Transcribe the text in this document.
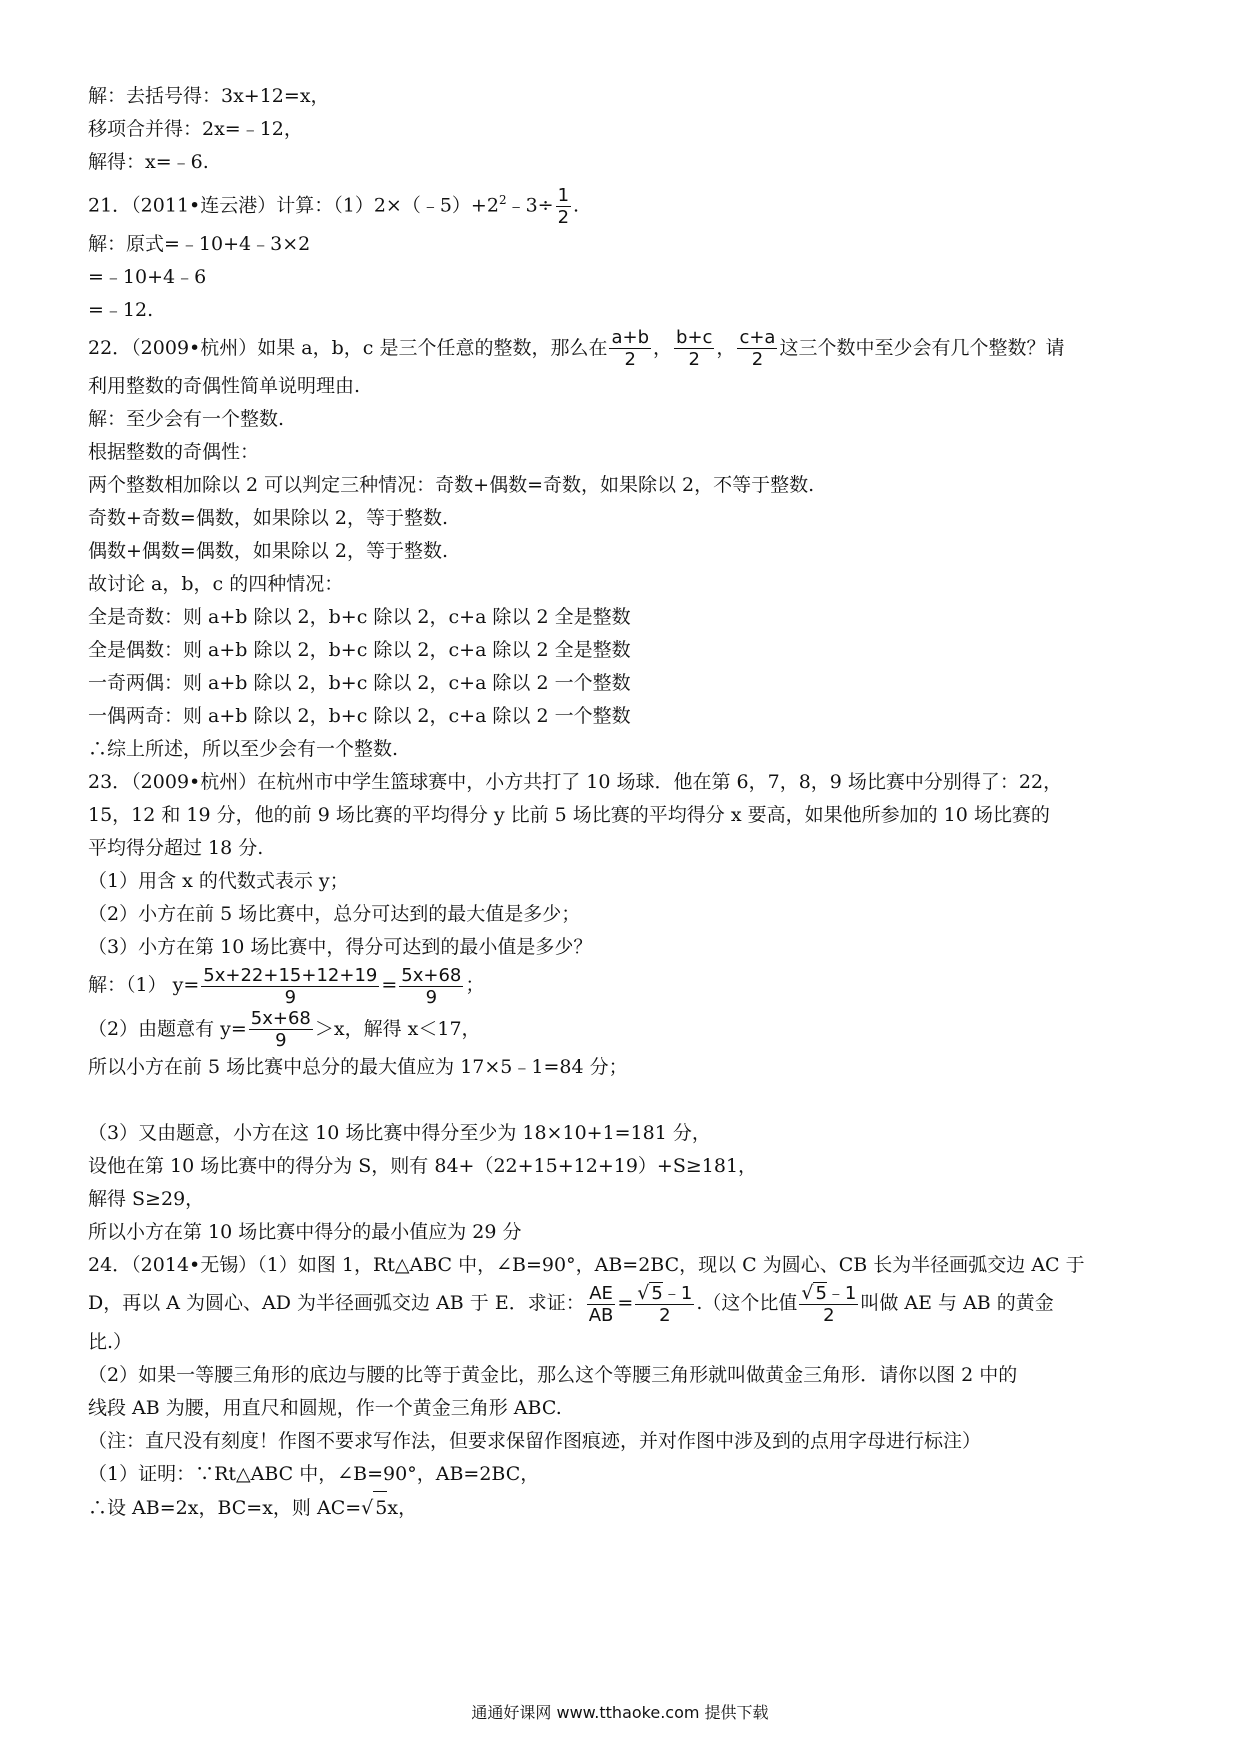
解：去括号得：3x+12=x，
移项合并得：2x=﹣12，
解得：x=﹣6.
21．（2011•连云港）计算：$(1)2\times(﹣5)+2^2﹣3\div \frac{1}{2}$ .
解：原式=﹣10+4﹣3×2
=﹣10+4﹣6
=﹣12.
22．（2009•杭州）如果 a，b，c 是三个任意的整数，那么在 $\frac{a+b}{2}$ ， $\frac{b+c}{2}$ ， $\frac{c+a}{2}$ 这三个数中至少会有几个整数？请
利用整数的奇偶性简单说明理由.
解：至少会有一个整数.
根据整数的奇偶性：
两个整数相加除以 2 可以判定三种情况：奇数+偶数=奇数，如果除以 2，不等于整数.
奇数+奇数=偶数，如果除以 2，等于整数.
偶数+偶数=偶数，如果除以 2，等于整数.
故讨论 a，b，c 的四种情况：
全是奇数：则 a+b 除以 2，b+c 除以 2，c+a 除以 2 全是整数
全是偶数：则 a+b 除以 2，b+c 除以 2，c+a 除以 2 全是整数
一奇两偶：则 a+b 除以 2，b+c 除以 2，c+a 除以 2 一个整数
一偶两奇：则 a+b 除以 2，b+c 除以 2，c+a 除以 2 一个整数
∴综上所述，所以至少会有一个整数.
23．（2009•杭州）在杭州市中学生篮球赛中，小方共打了 10 场球．他在第 6，7，8，9 场比赛中分别得了：22，
15，12 和 19 分，他的前 9 场比赛的平均得分 y 比前 5 场比赛的平均得分 x 要高，如果他所参加的 10 场比赛的
平均得分超过 18 分.
（1）用含 x 的代数式表示 y；
（2）小方在前 5 场比赛中，总分可达到的最大值是多少；
（3）小方在第 10 场比赛中，得分可达到的最小值是多少？
解：（1） $y= \frac{5x+22+15+12+19}{9} = \frac{5x+68}{9}$ ；
（2）由题意有 $y= \frac{5x+68}{9} >x$，解得 x＜17，
所以小方在前 5 场比赛中总分的最大值应为 17×5﹣1=84 分；
（3）又由题意，小方在这 10 场比赛中得分至少为 18×10+1=181 分，
设他在第 10 场比赛中的得分为 S，则有 84+（22+15+12+19）+S≥181，
解得 S≥29，
所以小方在第 10 场比赛中得分的最小值应为 29 分
24．（2014•无锡）（1）如图 1，Rt△ABC 中，∠B=90°，AB=2BC，现以 C 为圆心、CB 长为半径画弧交边 AC 于
D，再以 A 为圆心、AD 为半径画弧交边 AB 于 E．求证： $\frac{AE}{AB} = \frac{√ 5﹣1}{2}$ .（这个比值 $\frac{√ 5﹣1}{2}$ 叫做 AE 与 AB 的黄金
比.）
（2）如果一等腰三角形的底边与腰的比等于黄金比，那么这个等腰三角形就叫做黄金三角形．请你以图 2 中的
线段 AB 为腰，用直尺和圆规，作一个黄金三角形 ABC.
（注：直尺没有刻度！作图不要求写作法，但要求保留作图痕迹，并对作图中涉及到的点用字母进行标注）
（1）证明：∵Rt△ABC 中，∠B=90°，AB=2BC，
∴设 AB=2x，BC=x，则 AC=√ 5x，
通通好课网 www.tthaoke.com 提供下载
